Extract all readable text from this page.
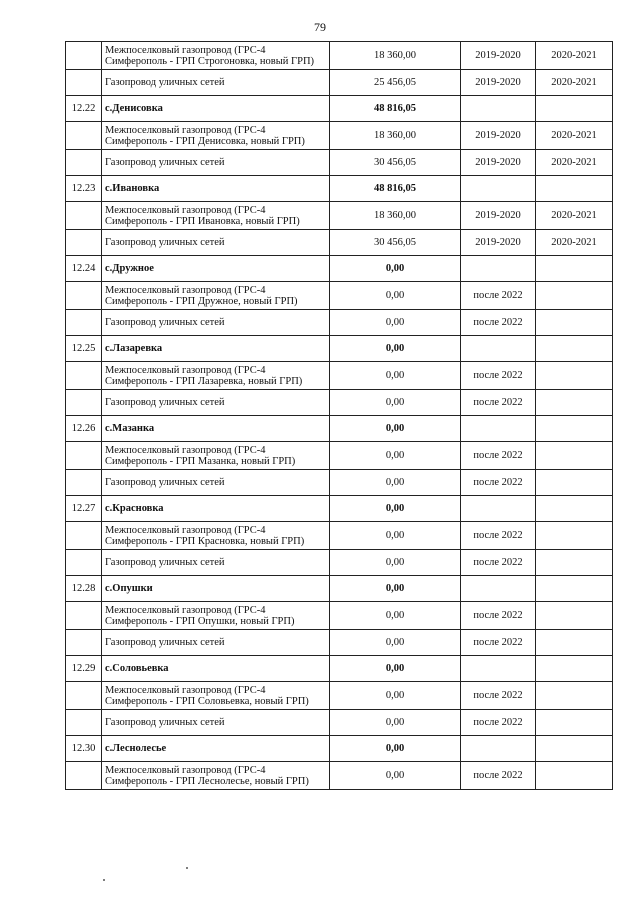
79
	Межпоселковый газопровод (ГРС-4 Симферополь - ГРП Строгоновка, новый ГРП)	18 360,00	2019-2020	2020-2021
	Газопровод уличных сетей	25 456,05	2019-2020	2020-2021
12.22	с.Денисовка	48 816,05		
	Межпоселковый газопровод (ГРС-4 Симферополь - ГРП Денисовка, новый ГРП)	18 360,00	2019-2020	2020-2021
	Газопровод уличных сетей	30 456,05	2019-2020	2020-2021
12.23	с.Ивановка	48 816,05		
	Межпоселковый газопровод (ГРС-4 Симферополь - ГРП Ивановка, новый ГРП)	18 360,00	2019-2020	2020-2021
	Газопровод уличных сетей	30 456,05	2019-2020	2020-2021
12.24	с.Дружное	0,00		
	Межпоселковый газопровод (ГРС-4 Симферополь - ГРП Дружное, новый ГРП)	0,00	после 2022	
	Газопровод уличных сетей	0,00	после 2022	
12.25	с.Лазаревка	0,00		
	Межпоселковый газопровод (ГРС-4 Симферополь - ГРП Лазаревка, новый ГРП)	0,00	после 2022	
	Газопровод уличных сетей	0,00	после 2022	
12.26	с.Мазанка	0,00		
	Межпоселковый газопровод (ГРС-4 Симферополь - ГРП Мазанка, новый ГРП)	0,00	после 2022	
	Газопровод уличных сетей	0,00	после 2022	
12.27	с.Красновка	0,00		
	Межпоселковый газопровод (ГРС-4 Симферополь - ГРП Красновка, новый ГРП)	0,00	после 2022	
	Газопровод уличных сетей	0,00	после 2022	
12.28	с.Опушки	0,00		
	Межпоселковый газопровод (ГРС-4 Симферополь - ГРП Опушки, новый ГРП)	0,00	после 2022	
	Газопровод уличных сетей	0,00	после 2022	
12.29	с.Соловьевка	0,00		
	Межпоселковый газопровод (ГРС-4 Симферополь - ГРП Соловьевка, новый ГРП)	0,00	после 2022	
	Газопровод уличных сетей	0,00	после 2022	
12.30	с.Леснолесье	0,00		
	Межпоселковый газопровод (ГРС-4 Симферополь - ГРП Леснолесье, новый ГРП)	0,00	после 2022	
